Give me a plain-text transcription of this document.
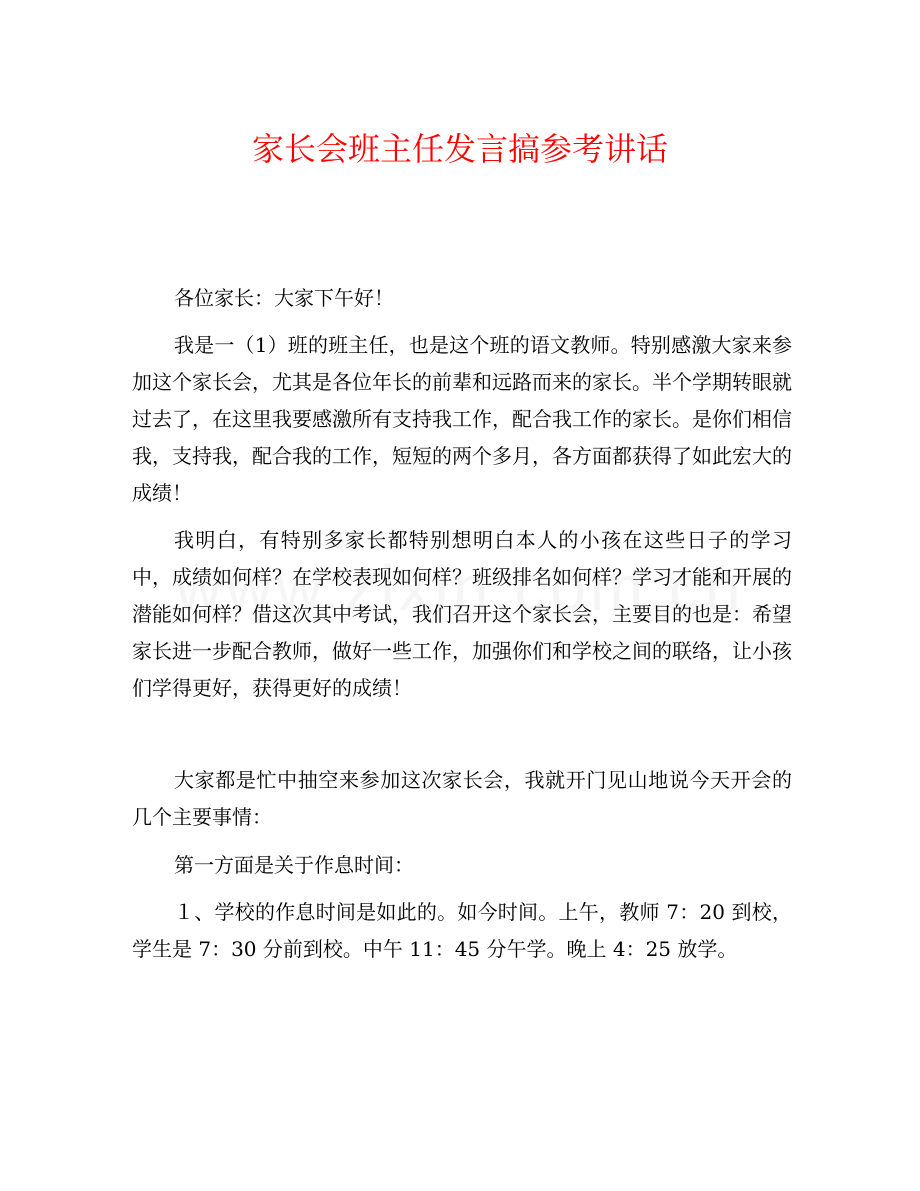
家长会班主任发言搞参考讲话

各位家长：大家下午好！

我是一（1）班的班主任，也是这个班的语文教师。特别感激大家来参加这个家长会，尤其是各位年长的前辈和远路而来的家长。半个学期转眼就过去了，在这里我要感激所有支持我工作，配合我工作的家长。是你们相信我，支持我，配合我的工作，短短的两个多月，各方面都获得了如此宏大的成绩！

我明白，有特别多家长都特别想明白本人的小孩在这些日子的学习中，成绩如何样？在学校表现如何样？班级排名如何样？学习才能和开展的潜能如何样？借这次其中考试，我们召开这个家长会，主要目的也是：希望家长进一步配合教师，做好一些工作，加强你们和学校之间的联络，让小孩们学得更好，获得更好的成绩！

大家都是忙中抽空来参加这次家长会，我就开门见山地说今天开会的几个主要事情：

第一方面是关于作息时间：

１、学校的作息时间是如此的。如今时间。上午，教师 7：20 到校，学生是 7：30 分前到校。中午 11：45 分午学。晚上 4：25 放学。
